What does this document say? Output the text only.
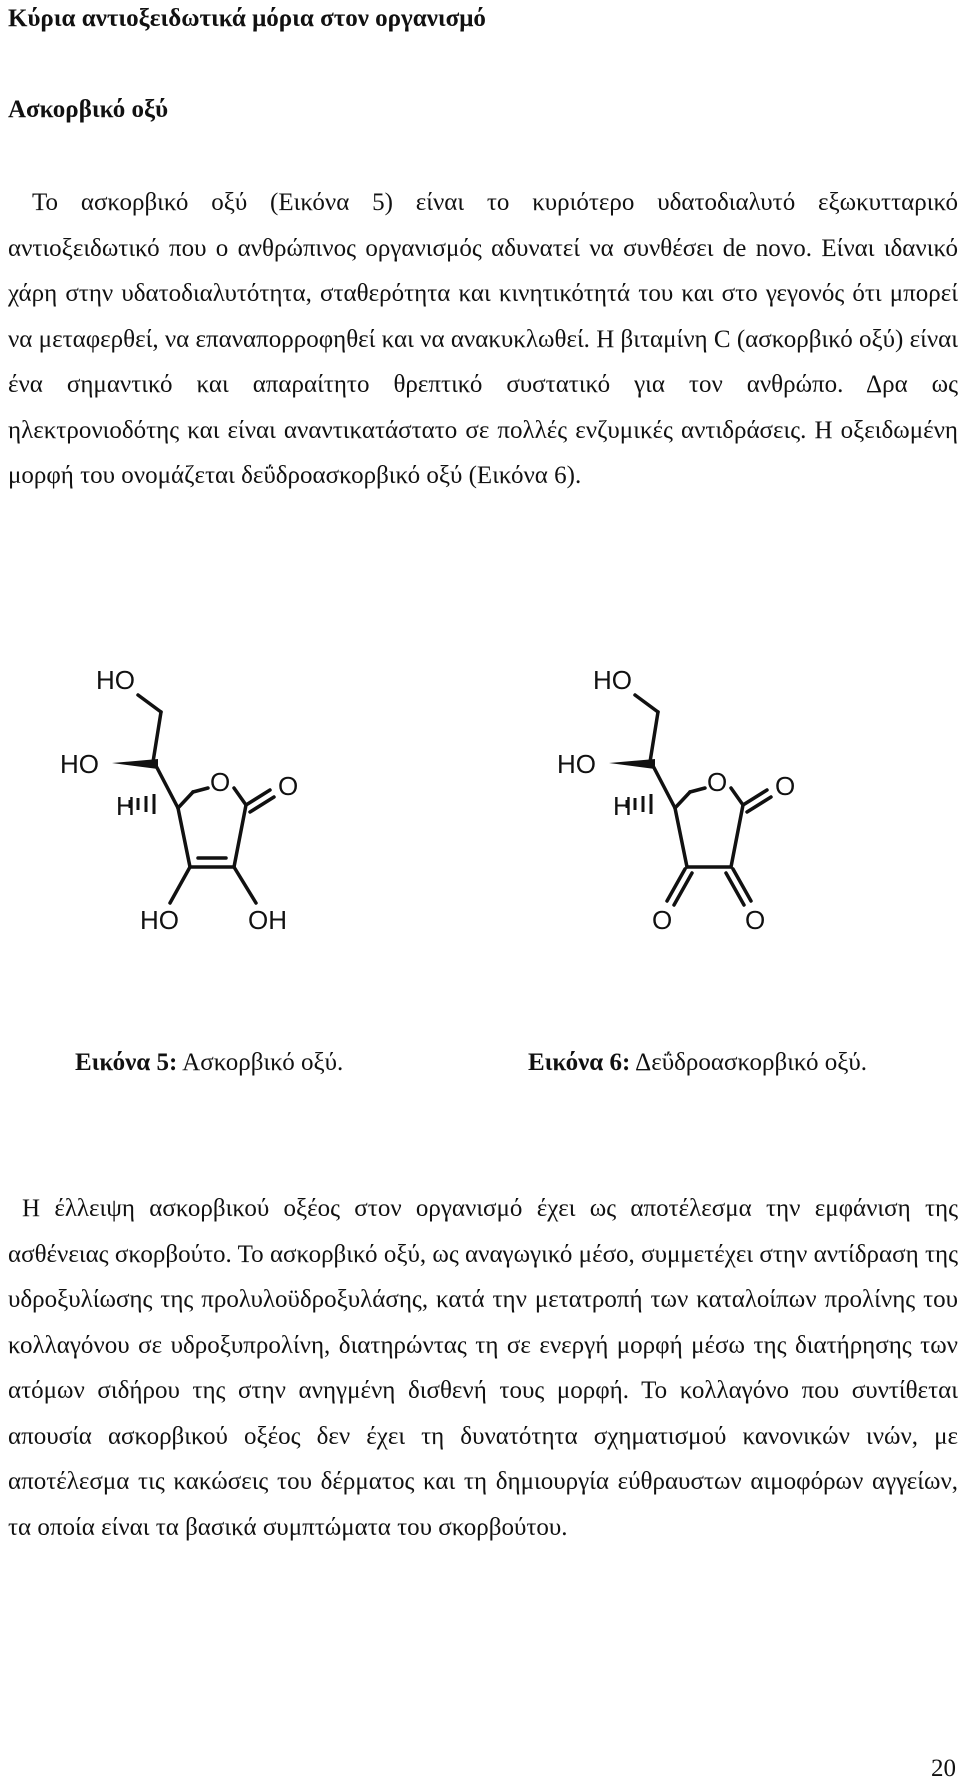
Κύρια αντιοξειδωτικά μόρια στον οργανισμό
Ασκορβικό οξύ

Το ασκορβικό οξύ (Εικόνα 5) είναι το κυριότερο υδατοδιαλυτό εξωκυτταρικό αντιοξειδωτικό που ο ανθρώπινος οργανισμός αδυνατεί να συνθέσει de novo. Είναι ιδανικό χάρη στην υδατοδιαλυτότητα, σταθερότητα και κινητικότητά του και στο γεγονός ότι μπορεί να μεταφερθεί, να επαναπορροφηθεί και να ανακυκλωθεί. Η βιταμίνη C (ασκορβικό οξύ) είναι ένα σημαντικό και απαραίτητο θρεπτικό συστατικό για τον ανθρώπο. Δρα ως ηλεκτρονιοδότης και είναι αναντικατάστατο σε πολλές ενζυμικές αντιδράσεις. Η οξειδωμένη μορφή του ονομάζεται δεΰδροασκορβικό οξύ (Εικόνα 6).

HO
HO
O O
H
HO	OH
HO
HO
O O
H
O	O

Εικόνα 5: Ασκορβικό οξύ.	Εικόνα 6: Δεΰδροασκορβικό οξύ.

Η έλλειψη ασκορβικού οξέος στον οργανισμό έχει ως αποτέλεσμα την εμφάνιση της ασθένειας σκορβούτο. Το ασκορβικό οξύ, ως αναγωγικό μέσο, συμμετέχει στην αντίδραση της υδροξυλίωσης της προλυλοϋδροξυλάσης, κατά την μετατροπή των καταλοίπων προλίνης του κολλαγόνου σε υδροξυπρολίνη, διατηρώντας τη σε ενεργή μορφή μέσω της διατήρησης των ατόμων σιδήρου της στην ανηγμένη δισθενή τους μορφή. Το κολλαγόνο που συντίθεται απουσία ασκορβικού οξέος δεν έχει τη δυνατότητα σχηματισμού κανονικών ινών, με αποτέλεσμα τις κακώσεις του δέρματος και τη δημιουργία εύθραυστων αιμοφόρων αγγείων, τα οποία είναι τα βασικά συμπτώματα του σκορβούτου.

20
